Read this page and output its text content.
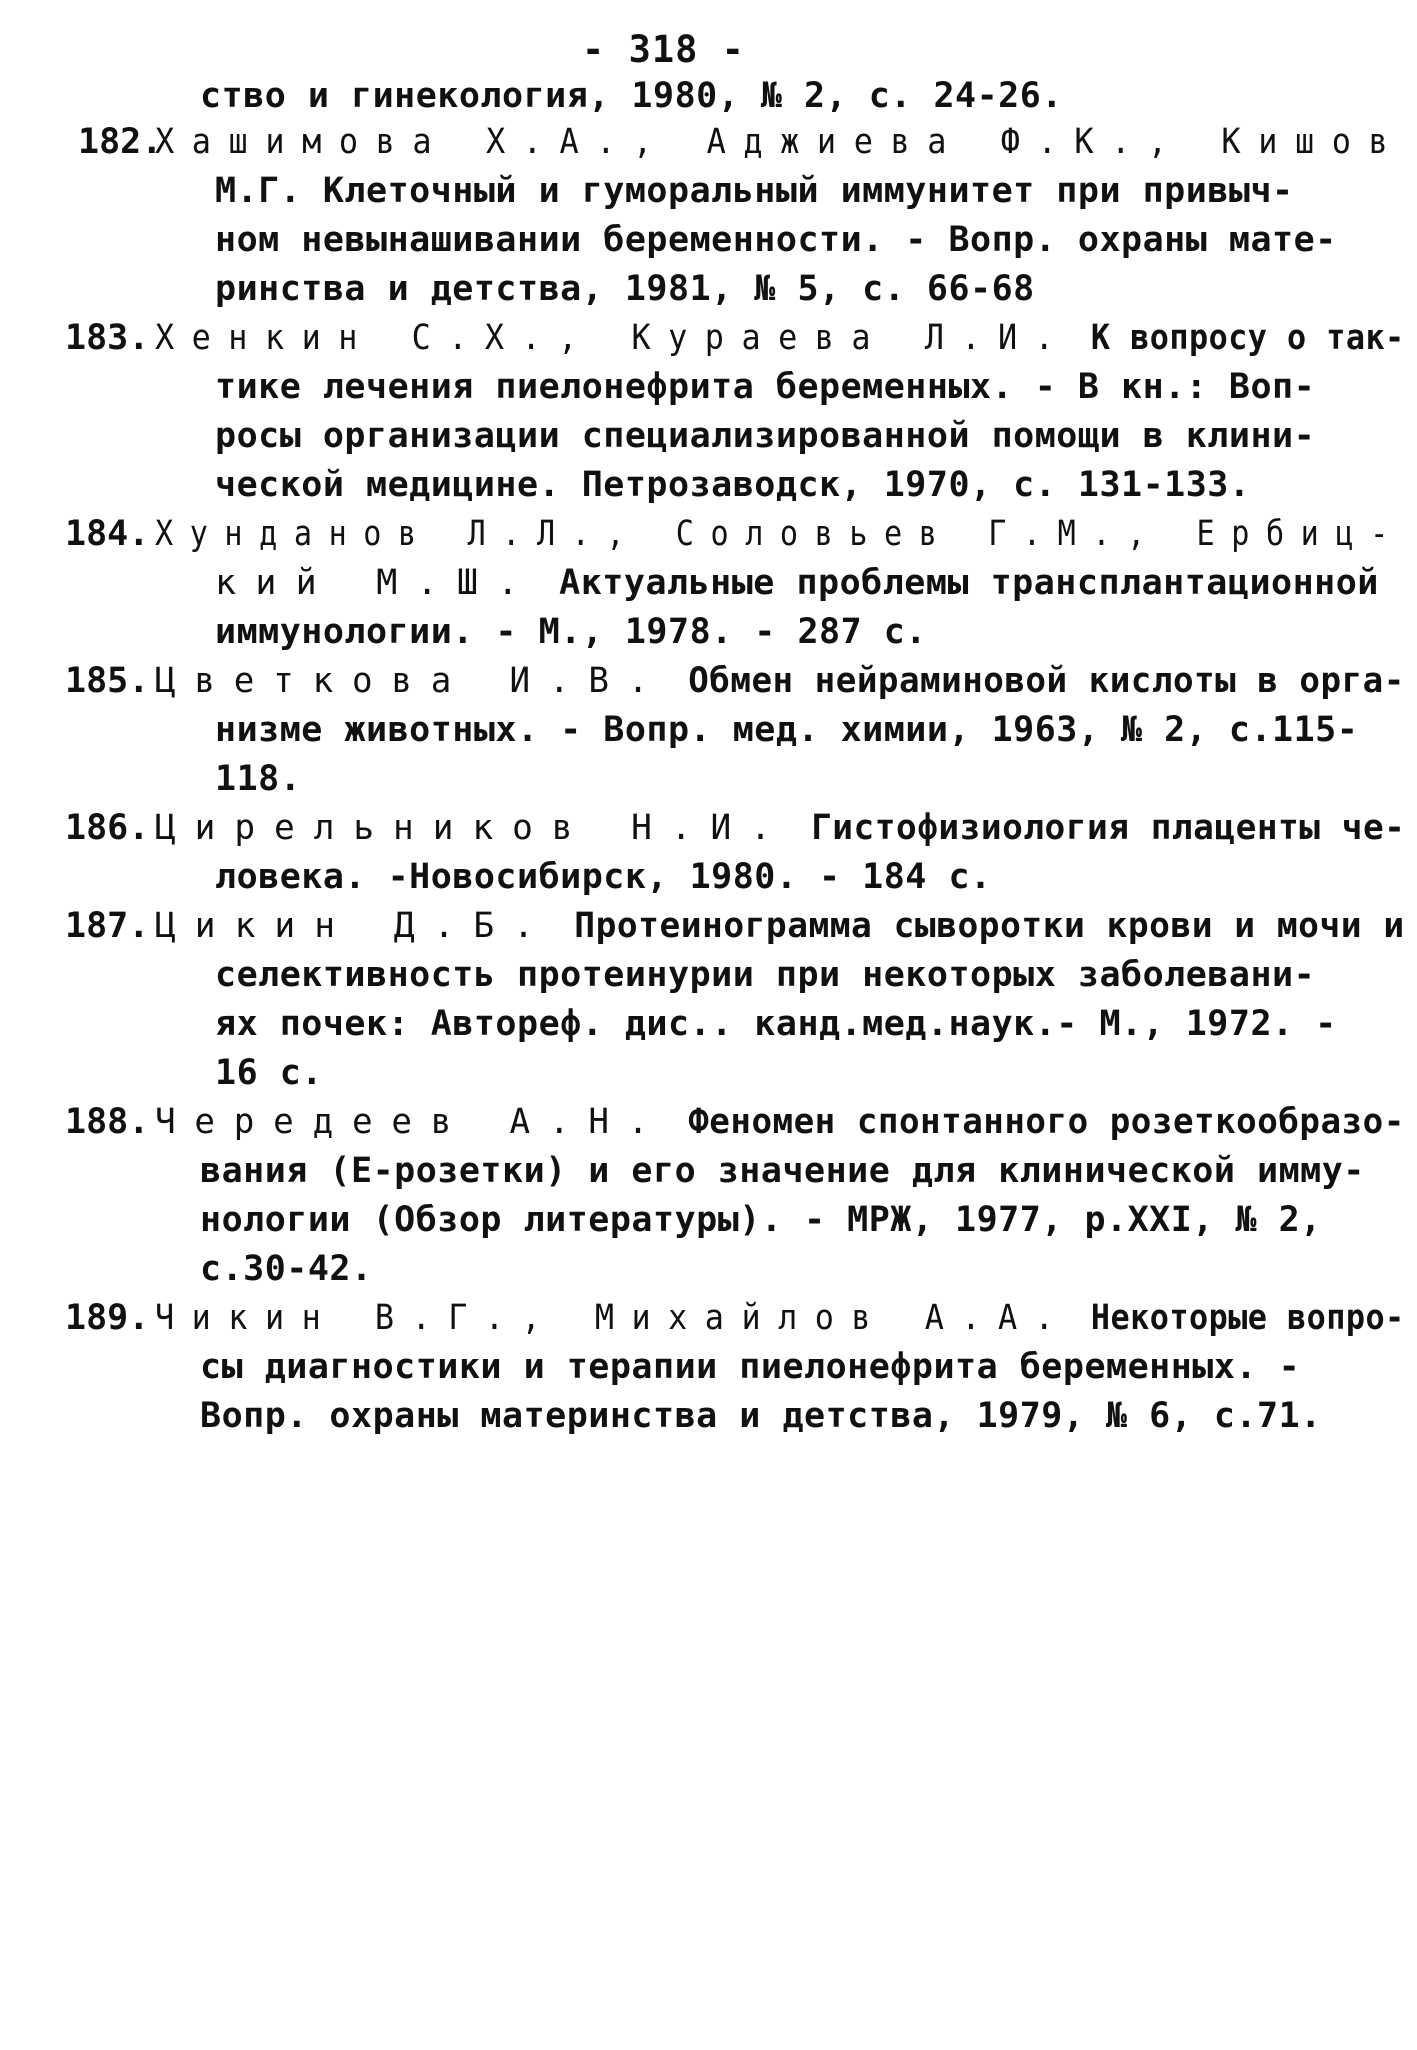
- 318 -
ство и гинекология, 1980, № 2, с. 24-26.
182.
Хашимова Х.А., Аджиева Ф.К., Кишов
М.Г. Клеточный и гуморальный иммунитет при привыч-
ном невынашивании беременности. - Вопр. охраны мате-
ринства и детства, 1981, № 5, с. 66-68
183. Хенкин С.Х., Кураева Л.И. К вопросу о так-
тике лечения пиелонефрита беременных. - В кн.: Воп-
росы организации специализированной помощи в клини-
ческой медицине. Петрозаводск, 1970, с. 131-133.
184. Хунданов Л.Л., Соловьев Г.М., Ербиц-
кий М.Ш. Актуальные проблемы трансплантационной
иммунологии. - М., 1978. - 287 с.
185. Цветкова И.В. Обмен нейраминовой кислоты в орга-
низме животных. - Вопр. мед. химии, 1963, № 2, с.115-
118.
186. Цирельников Н.И. Гистофизиология плаценты че-
ловека. -Новосибирск, 1980. - 184 с.
187. Цикин Д.Б. Протеинограмма сыворотки крови и мочи и
селективность протеинурии при некоторых заболевани-
ях почек: Автореф. дис.. канд.мед.наук.- М., 1972. -
16 с.
188. Чередеев А.Н. Феномен спонтанного розеткообразо-
вания (Е-розетки) и его значение для клинической имму-
нологии (Обзор литературы). - МРЖ, 1977, р.XXI, № 2,
с.30-42.
189. Чикин В.Г., Михайлов А.А. Некоторые вопро-
сы диагностики и терапии пиелонефрита беременных. -
Вопр. охраны материнства и детства, 1979, № 6, с.71.
